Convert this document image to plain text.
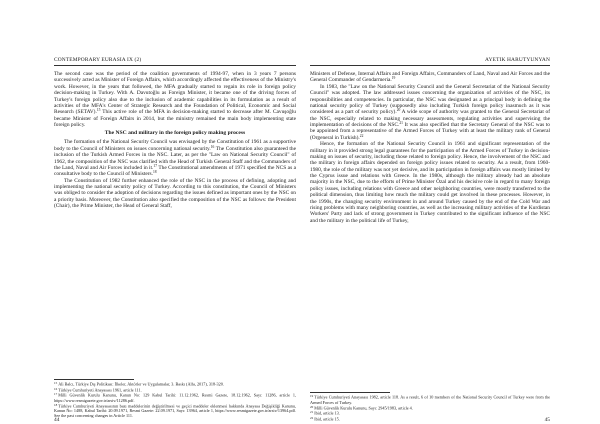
CONTEMPORARY EURASIA IX (2)

The second case was the period of the coalition governments of 1994-97, when in 3 years 7 persons successively acted as Minister of Foreign Affairs, which accordingly affected the effectiveness of the Ministry's work. However, in the years that followed, the MFA gradually started to regain its role in foreign policy decision-making in Turkey. With A. Davutoğlu as Foreign Minister, it became one of the driving forces of Turkey's foreign policy also due to the inclusion of academic capabilities in its formulation as a result of activities of the MFA's Center of Strategic Research and the Foundation of Political, Economic and Social Research (SETAV).$^{15}$ This active role of the MFA in decision-making started to decrease after M. Cavuşoğlu became Minister of Foreign Affairs in 2014, but the ministry remained the main body implementing state foreign policy.

The NSC and military in the foreign policy making process

The formation of the National Security Council was envisaged by the Constitution of 1961 as a supportive body to the Council of Ministers on issues concerning national security.$^{16}$ The Constitution also guaranteed the inclusion of the Turkish Armed Forces in the NSC. Later, as per the "Law on National Security Council" of 1962, the composition of the NSC was clarified with the Head of Turkish General Staff and the Commanders of the Land, Naval and Air Forces included in it.$^{17}$ The Constitutional amendments of 1971 specified the NCS as a consultative body to the Council of Ministers.$^{18}$

The Constitution of 1982 further enhanced the role of the NSC in the process of defining, adopting and implementing the national security policy of Turkey. According to this constitution, the Council of Ministers was obliged to consider the adoption of decisions regarding the issues defined as important ones by the NSC on a priority basis. Moreover, the Constitution also specified the composition of the NSC as follows: the President (Chair), the Prime Minister, the Head of General Staff,

$^{15}$Ali Balcı, Türkiye Dış Politikası: İlkeler, Aktörler ve Uygulamalar, 3. Baskı (Alfa, 2017), 318-320.

$^{16}$Türkiye Cumhuriyeti Anayasası 1961, article 111.

$^{17}$Milli Güvenlik Kurulu Kanunu, Kanun No: 129 Kabul Tarihi: 11.12.1962, Resmi Gazete, 18.12.1962, Sayı: 11286, article 1, https://www.resmigazete.gov.tr/arsiv/11286.pdf.

$^{18}$Türkiye Cumhuriyeti Anayasasının bazı maddelerinin değiştirilmesi ve geçici maddeler eklenmesi hakkında Anayasa Değişikliği Kanunu, Kanun No: 1488, Kabul Tarihi: 20.09.1971, Resmi Gazete: 22.09.1971, Sayı: 13964, article 1, https://www.resmigazete.gov.tr/arsiv/13964.pdf. See the past concerning changes in Article 111.

44
AYETIK HARUTYUNYAN

Ministers of Defense, Internal Affairs and Foreign Affairs, Commanders of Land, Naval and Air Forces and the General Commander of Gendarmeria.$^{19}$

In 1983, the "Law on the National Security Council and the General Secretariat of the National Security Council" was adopted. The law addressed issues concerning the organization of activities of the NSC, its responsibilities and competencies. In particular, the NSC was designated as a principal body in defining the national security policy of Turkey (supposedly also including Turkish foreign policy inasmuch as it was considered as a part of security policy).$^{20}$ A wide scope of authority was granted to the General Secretariat of the NSC, especially related to making necessary assessments, regulating activities and supervising the implementation of decisions of the NSC.$^{21}$ It was also specified that the Secretary General of the NSC was to be appointed from a representative of the Armed Forces of Turkey with at least the military rank of General (Orgeneral in Turkish).$^{22}$

Hence, the formation of the National Security Council in 1961 and significant representation of the military in it provided strong legal guarantees for the participation of the Armed Forces of Turkey in decision-making on issues of security, including those related to foreign policy. Hence, the involvement of the NSC and the military in foreign affairs depended on foreign policy issues related to security. As a result, from 1960-1980, the role of the military was not yet decisive, and its participation in foreign affairs was mostly limited by the Cyprus issue and relations with Greece. In the 1980s, although the military already had an absolute majority in the NSC, due to the efforts of Prime Minister Özal and his decisive role in regard to many foreign policy issues, including relations with Greece and other neighboring countries, were mostly transferred to the political dimension, thus limiting how much the military could get involved in these processes. However, in the 1990s, the changing security environment in and around Turkey caused by the end of the Cold War and rising problems with many neighboring countries, as well as the increasing military activities of the Kurdistan Workers' Party and lack of strong government in Turkey contributed to the significant influence of the NSC and the military in the political life of Turkey,

$^{19}$Türkiye Cumhuriyeti Anayasası 1982, article 118. As a result, 6 of 10 members of the National Security Council of Turkey were from the Armed Forces of Turkey.

$^{20}$Milli Güvenlik Kurulu Kanunu, Sayı: 2945/1983, article 4.

$^{21}$Ibid, article 13.

$^{22}$Ibid, article 15.	45
